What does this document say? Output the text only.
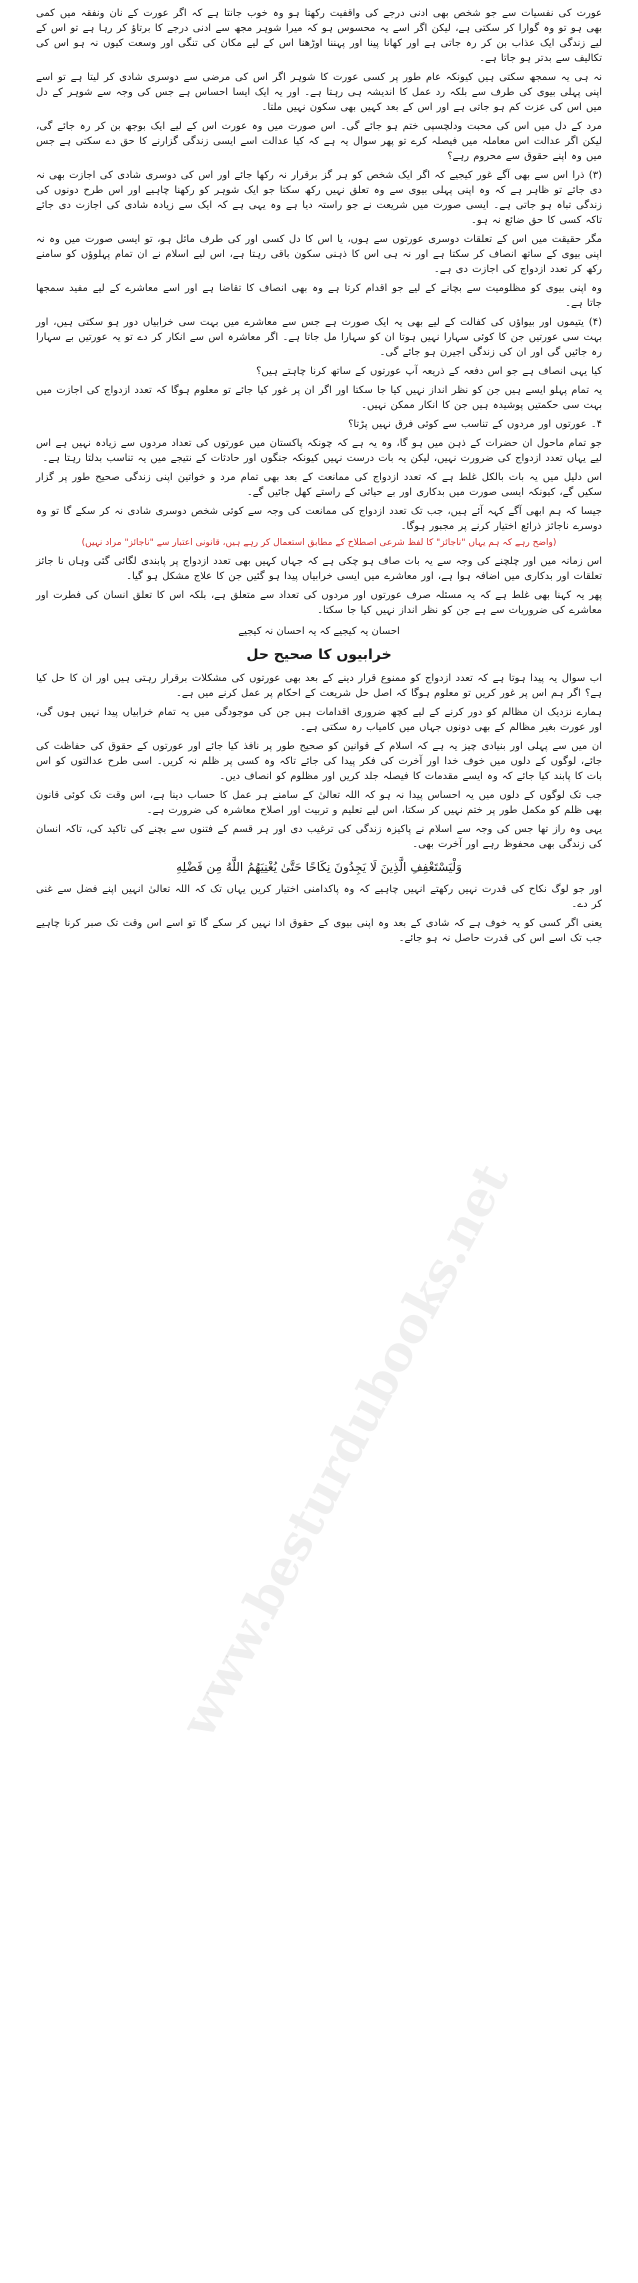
عورت کی نفسیات سے جو شخص بھی ادنی درجے کی واقفیت رکھتا ہو وہ خوب جانتا ہے کہ اگر عورت کے نان ونفقہ میں کمی بھی ہو تو وہ گوارا کر سکتی ہے، لیکن اگر اسے یہ محسوس ہو کہ میرا شوہر مجھ سے ادنی درجے کا برتاؤ کر رہا ہے تو اس کے لیے زندگی ایک عذاب بن کر رہ جاتی ہے اور کھانا پینا اور پہننا اوڑھنا اس کے لیے مکان کی تنگی اور وسعت کیوں نہ ہو اس کی تکالیف سے بدتر ہو جاتا ہے۔

نہ ہی یہ سمجھ سکتی ہیں کیونکہ عام طور پر کسی عورت کا شوہر اگر اس کی مرضی سے دوسری شادی کر لیتا ہے تو اسے اپنی پہلی بیوی کی طرف سے بلکہ رد عمل کا اندیشہ ہی رہتا ہے۔ اور یہ ایک ایسا احساس ہے جس کی وجہ سے شوہر کے دل میں اس کی عزت کم ہو جاتی ہے اور اس کے بعد کہیں بھی سکون نہیں ملتا۔

مرد کے دل میں اس کی محبت ودلچسپی ختم ہو جائے گی۔ اس صورت میں وہ عورت اس کے لیے ایک بوجھ بن کر رہ جائے گی، لیکن اگر عدالت اس معاملہ میں فیصلہ کرے تو پھر سوال یہ ہے کہ کیا عدالت اسے ایسی زندگی گزارنے کا حق دے سکتی ہے جس میں وہ اپنے حقوق سے محروم رہے؟

(۳) ذرا اس سے بھی آگے غور کیجیے کہ اگر ایک شخص کو ہر گز برقرار نہ رکھا جائے اور اس کی دوسری شادی کی اجازت بھی نہ دی جائے تو ظاہر ہے کہ وہ اپنی پہلی بیوی سے وہ تعلق نہیں رکھ سکتا جو ایک شوہر کو رکھنا چاہیے اور اس طرح دونوں کی زندگی تباہ ہو جاتی ہے۔ ایسی صورت میں شریعت نے جو راستہ دیا ہے وہ یہی ہے کہ ایک سے زیادہ شادی کی اجازت دی جائے تاکہ کسی کا حق ضائع نہ ہو۔

مگر حقیقت میں اس کے تعلقات دوسری عورتوں سے ہوں، یا اس کا دل کسی اور کی طرف مائل ہو، تو ایسی صورت میں وہ نہ اپنی بیوی کے ساتھ انصاف کر سکتا ہے اور نہ ہی اس کا ذہنی سکون باقی رہتا ہے، اس لیے اسلام نے ان تمام پہلوؤں کو سامنے رکھ کر تعدد ازدواج کی اجازت دی ہے۔

وہ اپنی بیوی کو مظلومیت سے بچانے کے لیے جو اقدام کرتا ہے وہ بھی انصاف کا تقاضا ہے اور اسے معاشرے کے لیے مفید سمجھا جاتا ہے۔

(۴) یتیموں اور بیواؤں کی کفالت کے لیے بھی یہ ایک صورت ہے جس سے معاشرے میں بہت سی خرابیاں دور ہو سکتی ہیں، اور بہت سی عورتیں جن کا کوئی سہارا نہیں ہوتا ان کو سہارا مل جاتا ہے۔ اگر معاشرہ اس سے انکار کر دے تو یہ عورتیں بے سہارا رہ جائیں گی اور ان کی زندگی اجیرن ہو جائے گی۔

کیا یہی انصاف ہے جو اس دفعہ کے ذریعہ آپ عورتوں کے ساتھ کرنا چاہتے ہیں؟

یہ تمام پہلو ایسے ہیں جن کو نظر انداز نہیں کیا جا سکتا اور اگر ان پر غور کیا جائے تو معلوم ہوگا کہ تعدد ازدواج کی اجازت میں بہت سی حکمتیں پوشیدہ ہیں جن کا انکار ممکن نہیں۔

۴۔ عورتوں اور مردوں کے تناسب سے کوئی فرق نہیں پڑتا؟

جو تمام ماحول ان حضرات کے ذہن میں ہو گا، وہ یہ ہے کہ چونکہ پاکستان میں عورتوں کی تعداد مردوں سے زیادہ نہیں ہے اس لیے یہاں تعدد ازدواج کی ضرورت نہیں، لیکن یہ بات درست نہیں کیونکہ جنگوں اور حادثات کے نتیجے میں یہ تناسب بدلتا رہتا ہے۔

اس دلیل میں یہ بات بالکل غلط ہے کہ تعدد ازدواج کی ممانعت کے بعد بھی تمام مرد و خواتین اپنی زندگی صحیح طور پر گزار سکیں گے، کیونکہ ایسی صورت میں بدکاری اور بے حیائی کے راستے کھل جائیں گے۔

جیسا کہ ہم ابھی آگے کہہ آئے ہیں، جب تک تعدد ازدواج کی ممانعت کی وجہ سے کوئی شخص دوسری شادی نہ کر سکے گا تو وہ دوسرے ناجائز ذرائع اختیار کرنے پر مجبور ہوگا۔

(واضح رہے کہ ہم یہاں "ناجائز" کا لفظ شرعی اصطلاح کے مطابق استعمال کر رہے ہیں، قانونی اعتبار سے "ناجائز" مراد نہیں)

اس زمانہ میں اور چلچنے کی وجہ سے یہ بات صاف ہو چکی ہے کہ جہاں کہیں بھی تعدد ازدواج پر پابندی لگائی گئی وہاں نا جائز تعلقات اور بدکاری میں اضافہ ہوا ہے، اور معاشرے میں ایسی خرابیاں پیدا ہو گئیں جن کا علاج مشکل ہو گیا۔

پھر یہ کہنا بھی غلط ہے کہ یہ مسئلہ صرف عورتوں اور مردوں کی تعداد سے متعلق ہے، بلکہ اس کا تعلق انسان کی فطرت اور معاشرے کی ضروریات سے ہے جن کو نظر انداز نہیں کیا جا سکتا۔

احسان یہ کیجیے کہ یہ احسان نہ کیجیے

خرابیوں کا صحیح حل

اب سوال یہ پیدا ہوتا ہے کہ تعدد ازدواج کو ممنوع قرار دینے کے بعد بھی عورتوں کی مشکلات برقرار رہتی ہیں اور ان کا حل کیا ہے؟ اگر ہم اس پر غور کریں تو معلوم ہوگا کہ اصل حل شریعت کے احکام پر عمل کرنے میں ہے۔

ہمارے نزدیک ان مظالم کو دور کرنے کے لیے کچھ ضروری اقدامات ہیں جن کی موجودگی میں یہ تمام خرابیاں پیدا نہیں ہوں گی، اور عورت بغیر مظالم کے بھی دونوں جہاں میں کامیاب رہ سکتی ہے۔

ان میں سے پہلی اور بنیادی چیز یہ ہے کہ اسلام کے قوانین کو صحیح طور پر نافذ کیا جائے اور عورتوں کے حقوق کی حفاظت کی جائے، لوگوں کے دلوں میں خوف خدا اور آخرت کی فکر پیدا کی جائے تاکہ وہ کسی پر ظلم نہ کریں۔ اسی طرح عدالتوں کو اس بات کا پابند کیا جائے کہ وہ ایسے مقدمات کا فیصلہ جلد کریں اور مظلوم کو انصاف دیں۔

جب تک لوگوں کے دلوں میں یہ احساس پیدا نہ ہو کہ اللہ تعالیٰ کے سامنے ہر عمل کا حساب دینا ہے، اس وقت تک کوئی قانون بھی ظلم کو مکمل طور پر ختم نہیں کر سکتا، اس لیے تعلیم و تربیت اور اصلاح معاشرہ کی ضرورت ہے۔

یہی وہ راز تھا جس کی وجہ سے اسلام نے پاکیزہ زندگی کی ترغیب دی اور ہر قسم کے فتنوں سے بچنے کی تاکید کی، تاکہ انسان کی زندگی بھی محفوظ رہے اور آخرت بھی۔

وَلْيَسْتَعْفِفِ الَّذِينَ لَا يَجِدُونَ نِكَاحًا حَتَّىٰ يُغْنِيَهُمُ اللَّهُ مِن فَضْلِهِ

اور جو لوگ نکاح کی قدرت نہیں رکھتے انہیں چاہیے کہ وہ پاکدامنی اختیار کریں یہاں تک کہ اللہ تعالیٰ انہیں اپنے فضل سے غنی کر دے۔

یعنی اگر کسی کو یہ خوف ہے کہ شادی کے بعد وہ اپنی بیوی کے حقوق ادا نہیں کر سکے گا تو اسے اس وقت تک صبر کرنا چاہیے جب تک اسے اس کی قدرت حاصل نہ ہو جائے۔

www.besturdubooks.net
